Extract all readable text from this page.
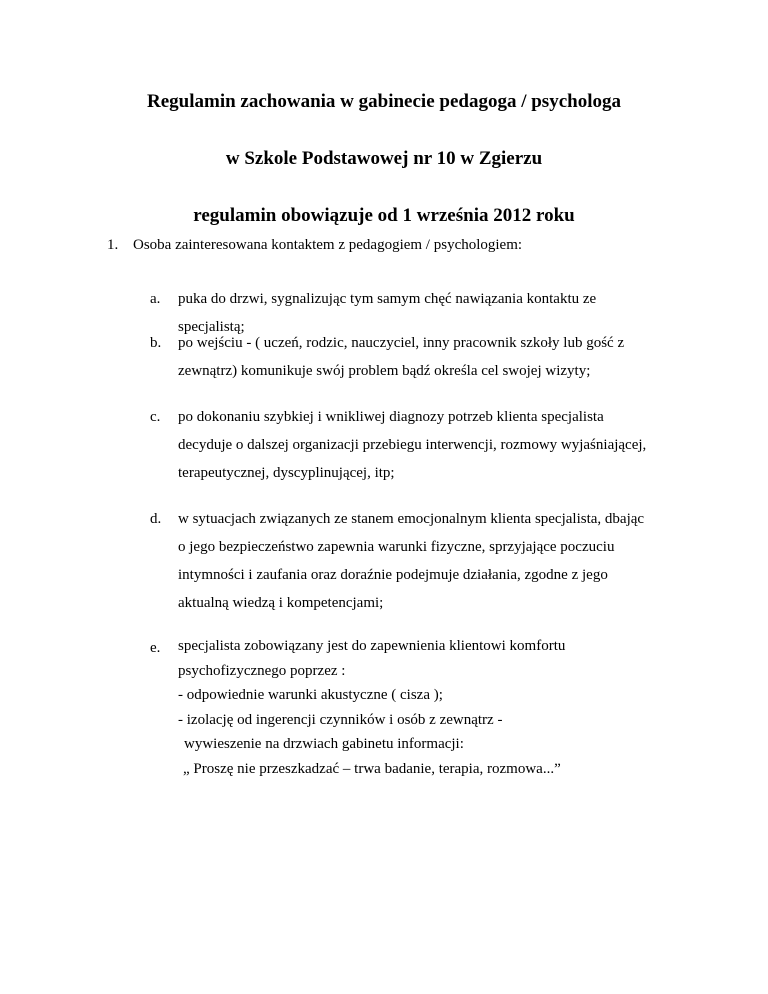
Regulamin zachowania w gabinecie pedagoga / psychologa
w Szkole Podstawowej nr 10 w Zgierzu
regulamin obowiązuje od 1 września 2012 roku
1. Osoba zainteresowana kontaktem z pedagogiem / psychologiem:
a.	puka do drzwi, sygnalizując tym samym chęć nawiązania kontaktu ze
specjalistą;
b.	po wejściu - ( uczeń, rodzic, nauczyciel, inny pracownik szkoły lub gość z
zewnątrz) komunikuje swój problem bądź określa cel swojej wizyty;
c.	po dokonaniu szybkiej i wnikliwej diagnozy potrzeb klienta specjalista
decyduje o dalszej organizacji przebiegu interwencji, rozmowy wyjaśniającej,
terapeutycznej, dyscyplinującej, itp;
d.	w sytuacjach związanych ze stanem emocjonalnym klienta specjalista, dbając
o jego bezpieczeństwo zapewnia warunki fizyczne, sprzyjające poczuciu
intymności i zaufania oraz doraźnie podejmuje działania, zgodne z jego
aktualną wiedzą i kompetencjami;
e.	specjalista zobowiązany jest do zapewnienia klientowi komfortu
psychofizycznego poprzez :
- odpowiednie warunki akustyczne ( cisza );
- izolację od ingerencji czynników i osób z zewnątrz -
wywieszenie na drzwiach gabinetu informacji:
„ Proszę nie przeszkadzać – trwa badanie, terapia, rozmowa...”
